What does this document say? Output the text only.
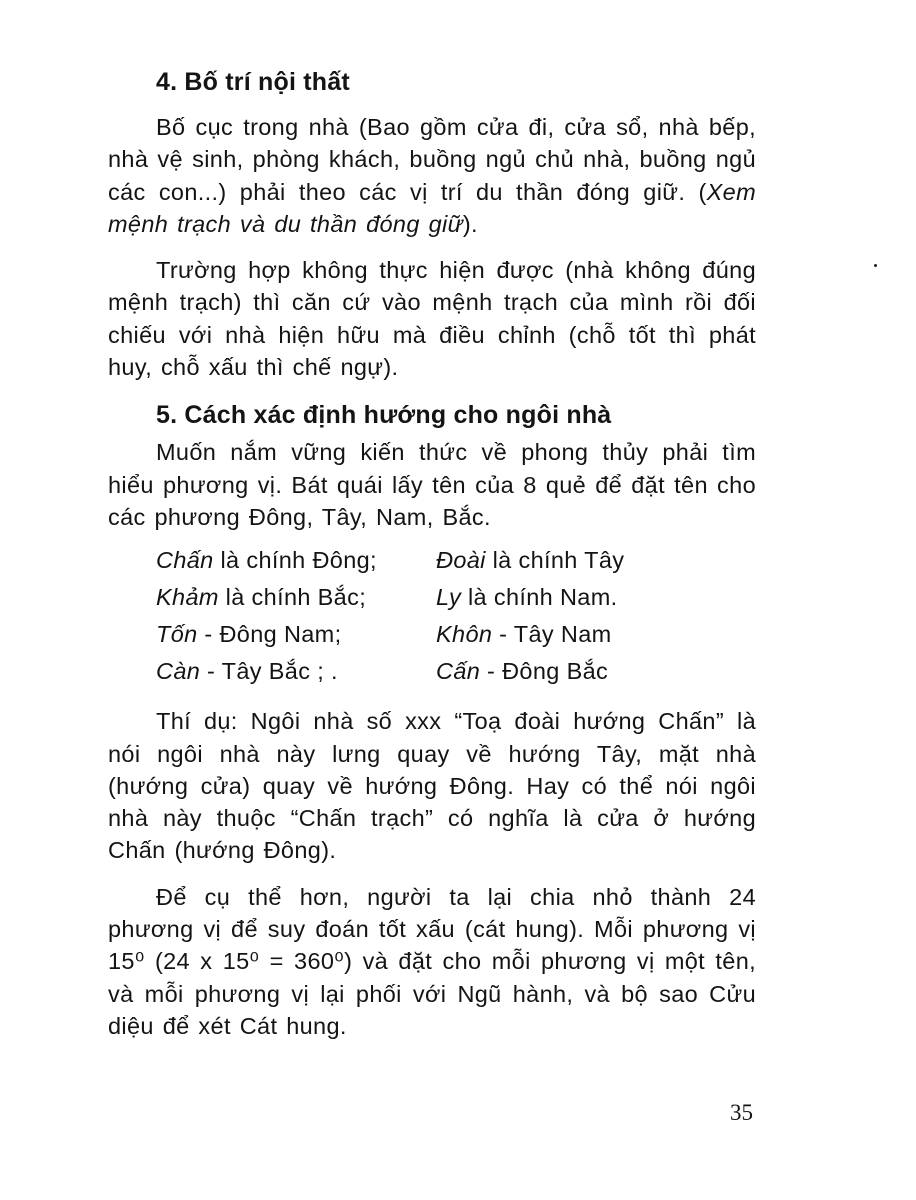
4. Bố trí nội thất

Bố cục trong nhà (Bao gồm cửa đi, cửa sổ, nhà bếp, nhà vệ sinh, phòng khách, buồng ngủ chủ nhà, buồng ngủ các con...) phải theo các vị trí du thần đóng giữ. (Xem mệnh trạch và du thần đóng giữ).

Trường hợp không thực hiện được (nhà không đúng mệnh trạch) thì căn cứ vào mệnh trạch của mình rồi đối chiếu với nhà hiện hữu mà điều chỉnh (chỗ tốt thì phát huy, chỗ xấu thì chế ngự).

5. Cách xác định hướng cho ngôi nhà

Muốn nắm vững kiến thức về phong thủy phải tìm hiểu phương vị. Bát quái lấy tên của 8 quẻ để đặt tên cho các phương Đông, Tây, Nam, Bắc.

Chấn là chính Đông;	Đoài là chính Tây
Khảm là chính Bắc;	Ly là chính Nam.
Tốn - Đông Nam;	Khôn - Tây Nam
Càn - Tây Bắc ; .	Cấn - Đông Bắc

Thí dụ: Ngôi nhà số xxx “Toạ đoài hướng Chấn” là nói ngôi nhà này lưng quay về hướng Tây, mặt nhà (hướng cửa) quay về hướng Đông. Hay có thể nói ngôi nhà này thuộc “Chấn trạch” có nghĩa là cửa ở hướng Chấn (hướng Đông).

Để cụ thể hơn, người ta lại chia nhỏ thành 24 phương vị để suy đoán tốt xấu (cát hung). Mỗi phương vị 15⁰ (24 x 15⁰ = 360⁰) và đặt cho mỗi phương vị một tên, và mỗi phương vị lại phối với Ngũ hành, và bộ sao Cửu diệu để xét Cát hung.

35
